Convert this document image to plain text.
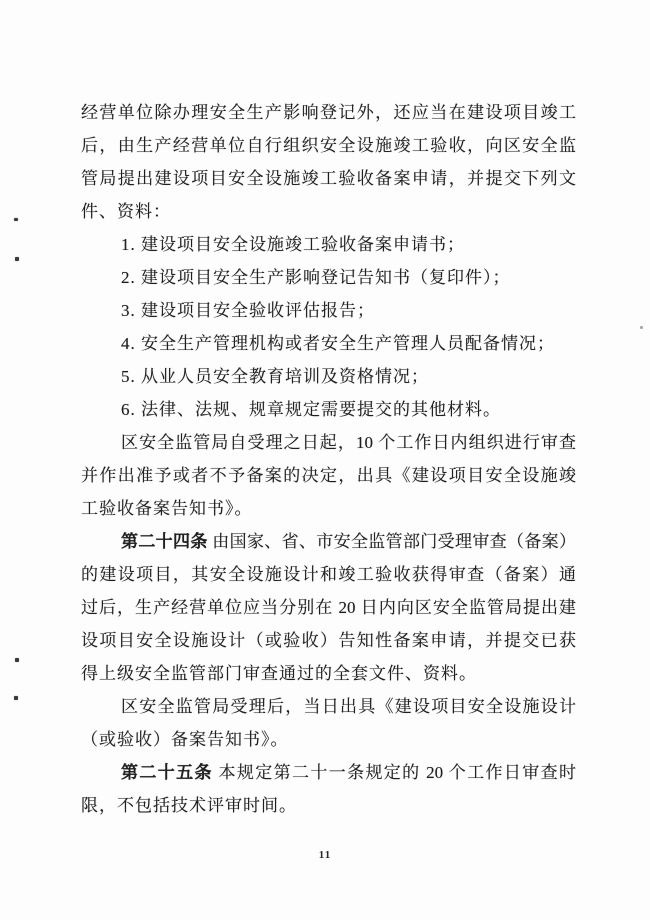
经营单位除办理安全生产影响登记外，还应当在建设项目竣工
后，由生产经营单位自行组织安全设施竣工验收，向区安全监
管局提出建设项目安全设施竣工验收备案申请，并提交下列文
件、资料：
1. 建设项目安全设施竣工验收备案申请书；
2. 建设项目安全生产影响登记告知书（复印件）；
3. 建设项目安全验收评估报告；
4. 安全生产管理机构或者安全生产管理人员配备情况；
5. 从业人员安全教育培训及资格情况；
6. 法律、法规、规章规定需要提交的其他材料。
区安全监管局自受理之日起，10 个工作日内组织进行审查
并作出准予或者不予备案的决定，出具《建设项目安全设施竣
工验收备案告知书》。
第二十四条 由国家、省、市安全监管部门受理审查（备案）
的建设项目，其安全设施设计和竣工验收获得审查（备案）通
过后，生产经营单位应当分别在 20 日内向区安全监管局提出建
设项目安全设施设计（或验收）告知性备案申请，并提交已获
得上级安全监管部门审查通过的全套文件、资料。
区安全监管局受理后，当日出具《建设项目安全设施设计
（或验收）备案告知书》。
第二十五条 本规定第二十一条规定的 20 个工作日审查时
限，不包括技术评审时间。
11
